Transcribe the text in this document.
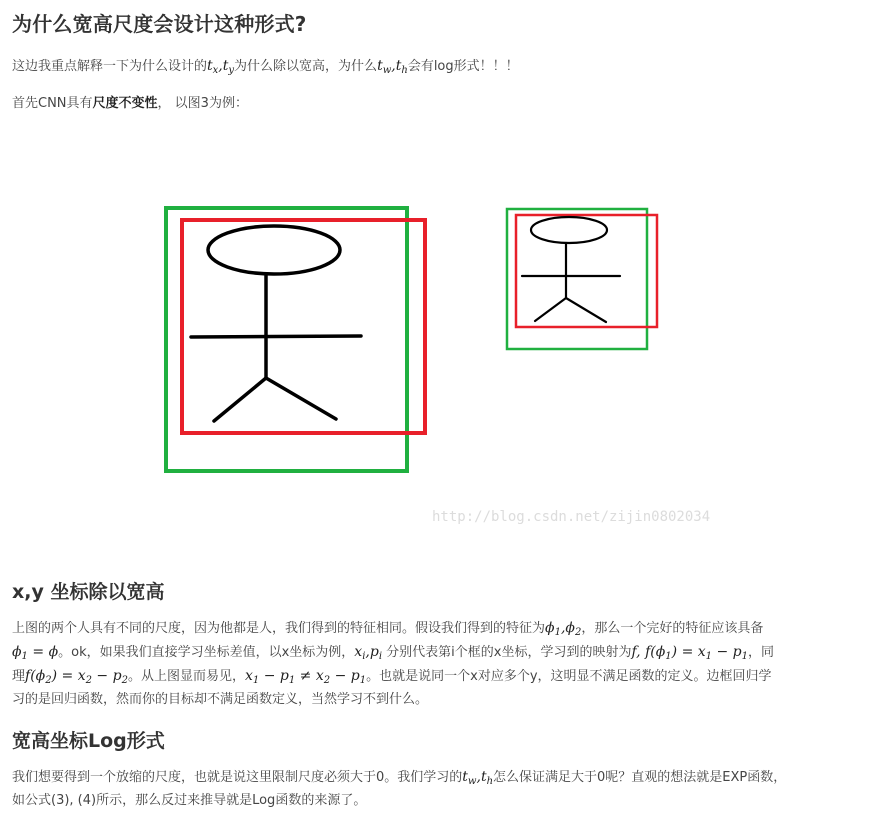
为什么宽高尺度会设计这种形式?

这边我重点解释一下为什么设计的$t_x,t_y$为什么除以宽高，为什么$t_w,t_h$会有log形式！！！

首先CNN具有尺度不变性， 以图3为例：

http://blog.csdn.net/zijin0802034
x,y 坐标除以宽高

上图的两个人具有不同的尺度，因为他都是人，我们得到的特征相同。假设我们得到的特征为$\phi_1,\phi_2$，那么一个完好的特征应该具备

$\phi_1 = \phi$。ok，如果我们直接学习坐标差值，以x坐标为例，$x_i,p_i$ 分别代表第i个框的x坐标，学习到的映射为f, $f(\phi_1) = x_1 - p_1$，同

理$f(\phi_2) = x_2 - p_2$。从上图显而易见，$x_1 - p_1 \ne x_2 - p_1$。也就是说同一个x对应多个y，这明显不满足函数的定义。边框回归学

习的是回归函数，然而你的目标却不满足函数定义，当然学习不到什么。

宽高坐标Log形式

我们想要得到一个放缩的尺度，也就是说这里限制尺度必须大于0。我们学习的$t_w,t_h$怎么保证满足大于0呢？直观的想法就是EXP函数，

如公式(3), (4)所示，那么反过来推导就是Log函数的来源了。
